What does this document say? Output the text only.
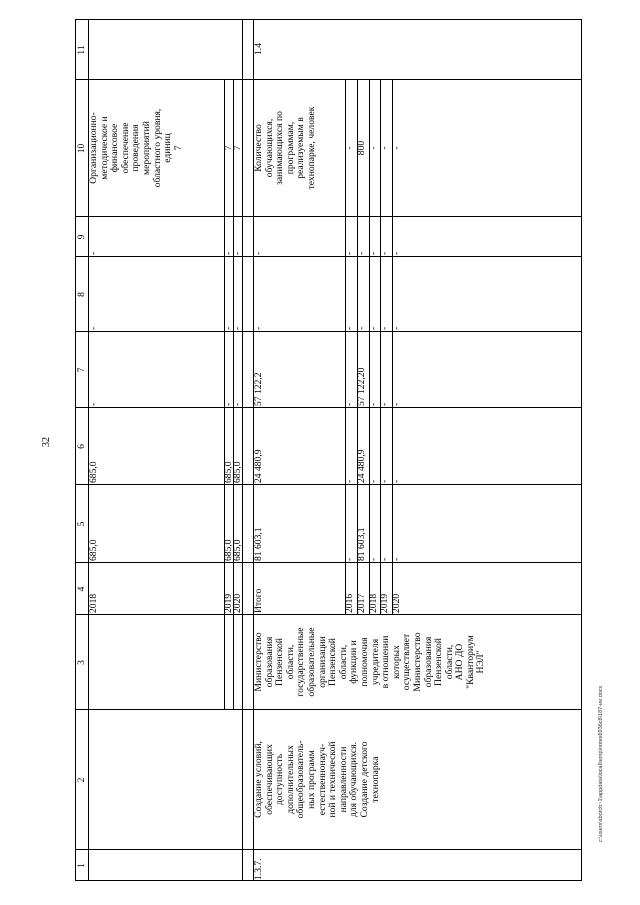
32
c:\users\sborch~1\appdata\local\temp\notes6936c8\187-ии.docx
1
2
3
4
5
6
7
8
9
11
10
2018
685,0
685,0
-
-
-
Организационно-
методическое и
финансовое
обеспечение
проведения
мероприятий
областного уровня,
единиц
7
2019
685,0
685,0
-
-
-
7
2020
685,0
685,0
-
-
-
7
1.3.7.
Создание условий,
обеспечивающих
доступность
дополнительных
общеобразователь-
ных программ
естественнонауч-
ной и технической
направленности
для обучающихся.
Создание детского
технопарка
Министерство
образования
Пензенской
области,
государственные
образовательные
организации
Пензенской
области,
функции и
полномочия
учредителя
в отношении
которых
осуществляет
Министерство
образования
Пензенской
области,
АНО ДО
"Кванториум
НЭЛ"
Итого
81 603,1
24 480,9
57 122,2
-
-
Количество
обучающихся,
занимающихся по
программам,
реализуемым в
технопарке, человек
1.4
2016
-
-
-
-
-
-
2017
81 603,1
24 480,9
57 122,20
-
-
800
2018
-
-
-
-
-
-
2019
-
-
-
-
-
-
2020
-
-
-
-
-
-
